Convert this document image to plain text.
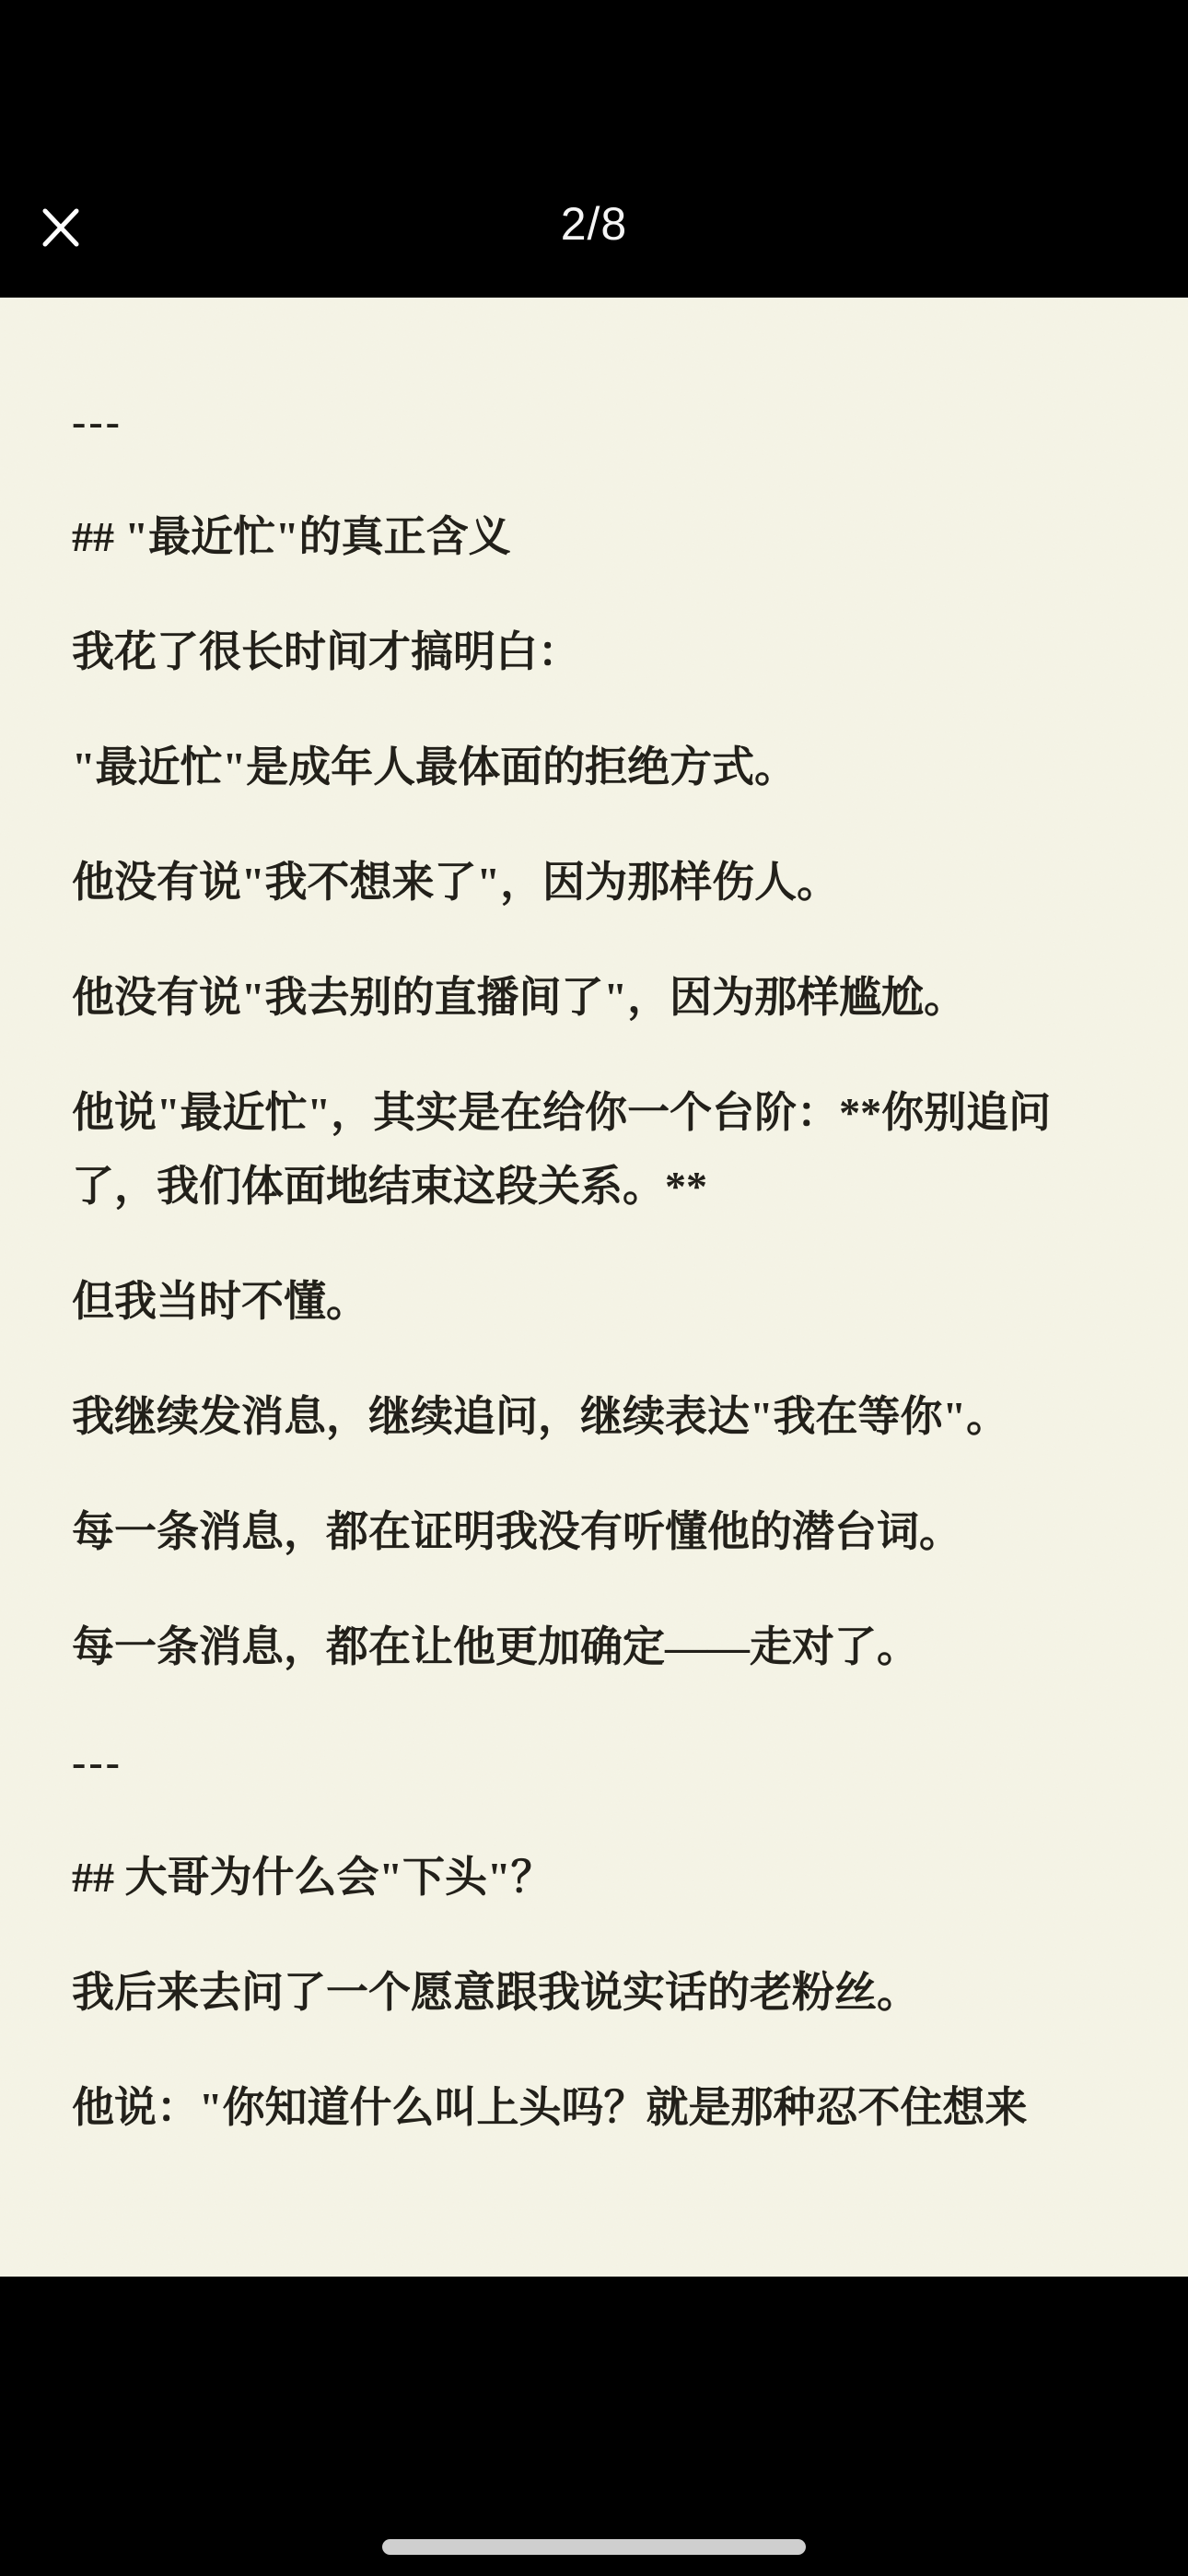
2/8

---

## "最近忙"的真正含义

我花了很长时间才搞明白：

"最近忙"是成年人最体面的拒绝方式。

他没有说"我不想来了"，因为那样伤人。

他没有说"我去别的直播间了"，因为那样尴尬。

他说"最近忙"，其实是在给你一个台阶：**你别追问了，我们体面地结束这段关系。**

但我当时不懂。

我继续发消息，继续追问，继续表达"我在等你"。

每一条消息，都在证明我没有听懂他的潜台词。

每一条消息，都在让他更加确定——走对了。

---

## 大哥为什么会"下头"？

我后来去问了一个愿意跟我说实话的老粉丝。

他说："你知道什么叫上头吗？就是那种忍不住想来
